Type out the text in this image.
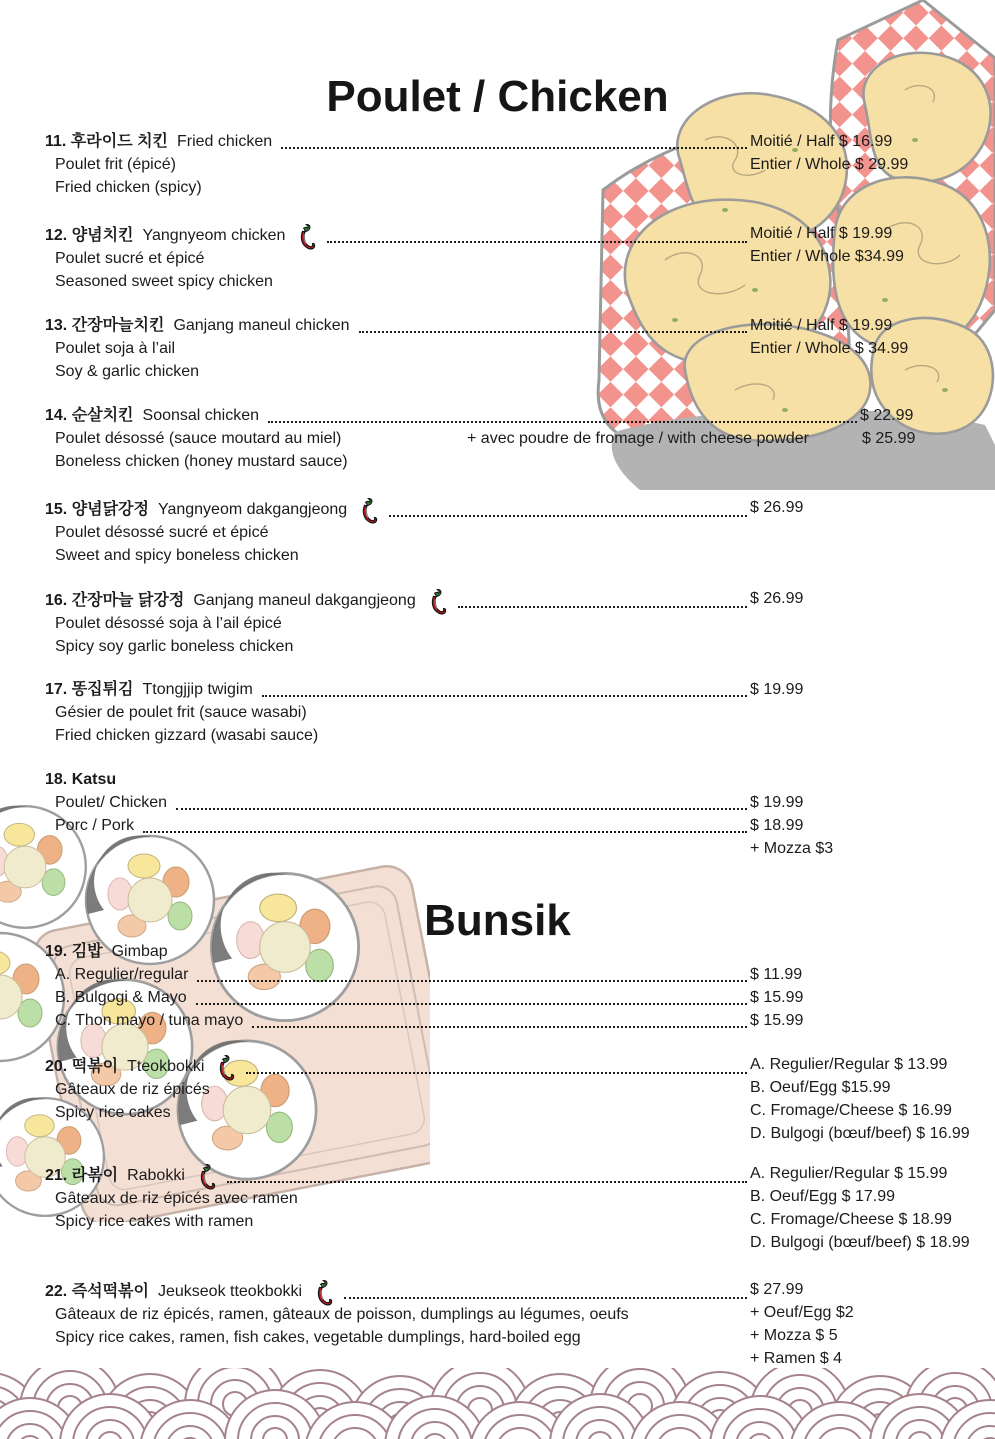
Poulet / Chicken
11. 후라이드 치킨 Fried chicken	Moitié / Half $ 16.99
Entier / Whole $ 29.99
Poulet frit (épicé)
Fried chicken (spicy)
12. 양념치킨 Yangnyeom chicken	Moitié / Half $ 19.99
Entier / Whole $34.99
Poulet sucré et épicé
Seasoned sweet spicy chicken
13. 간장마늘치킨 Ganjang maneul chicken	Moitié / Half $ 19.99
Entier / Whole $ 34.99
Poulet soja à l’ail
Soy & garlic chicken
14. 순살치킨 Soonsal chicken	$ 22.99
Poulet désossé (sauce moutard au miel)	+ avec poudre de fromage / with cheese powder	$ 25.99
Boneless chicken (honey mustard sauce)
15. 양념닭강정 Yangnyeom dakgangjeong	$ 26.99
Poulet désossé sucré et épicé
Sweet and spicy boneless chicken
16. 간장마늘 닭강정 Ganjang maneul dakgangjeong	$ 26.99
Poulet désossé soja à l’ail épicé
Spicy soy garlic boneless chicken
17. 똥집튀김 Ttongjjip twigim	$ 19.99
Gésier de poulet frit (sauce wasabi)
Fried chicken gizzard (wasabi sauce)
18. Katsu
Poulet/ Chicken	$ 19.99
Porc / Pork	$ 18.99
+ Mozza $3
Bunsik
19. 김밥 Gimbap
A. Regulier/regular	$ 11.99
B. Bulgogi & Mayo	$ 15.99
C. Thon mayo / tuna mayo	$ 15.99
20. 떡볶이 Tteokbokki	A. Regulier/Regular $ 13.99
B. Oeuf/Egg $15.99
C. Fromage/Cheese $ 16.99
D. Bulgogi (bœuf/beef) $ 16.99
Gâteaux de riz épicés
Spicy rice cakes
21. 라볶이 Rabokki	A. Regulier/Regular $ 15.99
B. Oeuf/Egg $ 17.99
C. Fromage/Cheese $ 18.99
D. Bulgogi (bœuf/beef) $ 18.99
Gâteaux de riz épicés avec ramen
Spicy rice cakes with ramen
22. 즉석떡볶이 Jeukseok tteokbokki	$ 27.99
+ Oeuf/Egg $2
+ Mozza $ 5
+ Ramen $ 4
Gâteaux de riz épicés, ramen, gâteaux de poisson, dumplings au légumes, oeufs
Spicy rice cakes, ramen, fish cakes, vegetable dumplings, hard-boiled egg
